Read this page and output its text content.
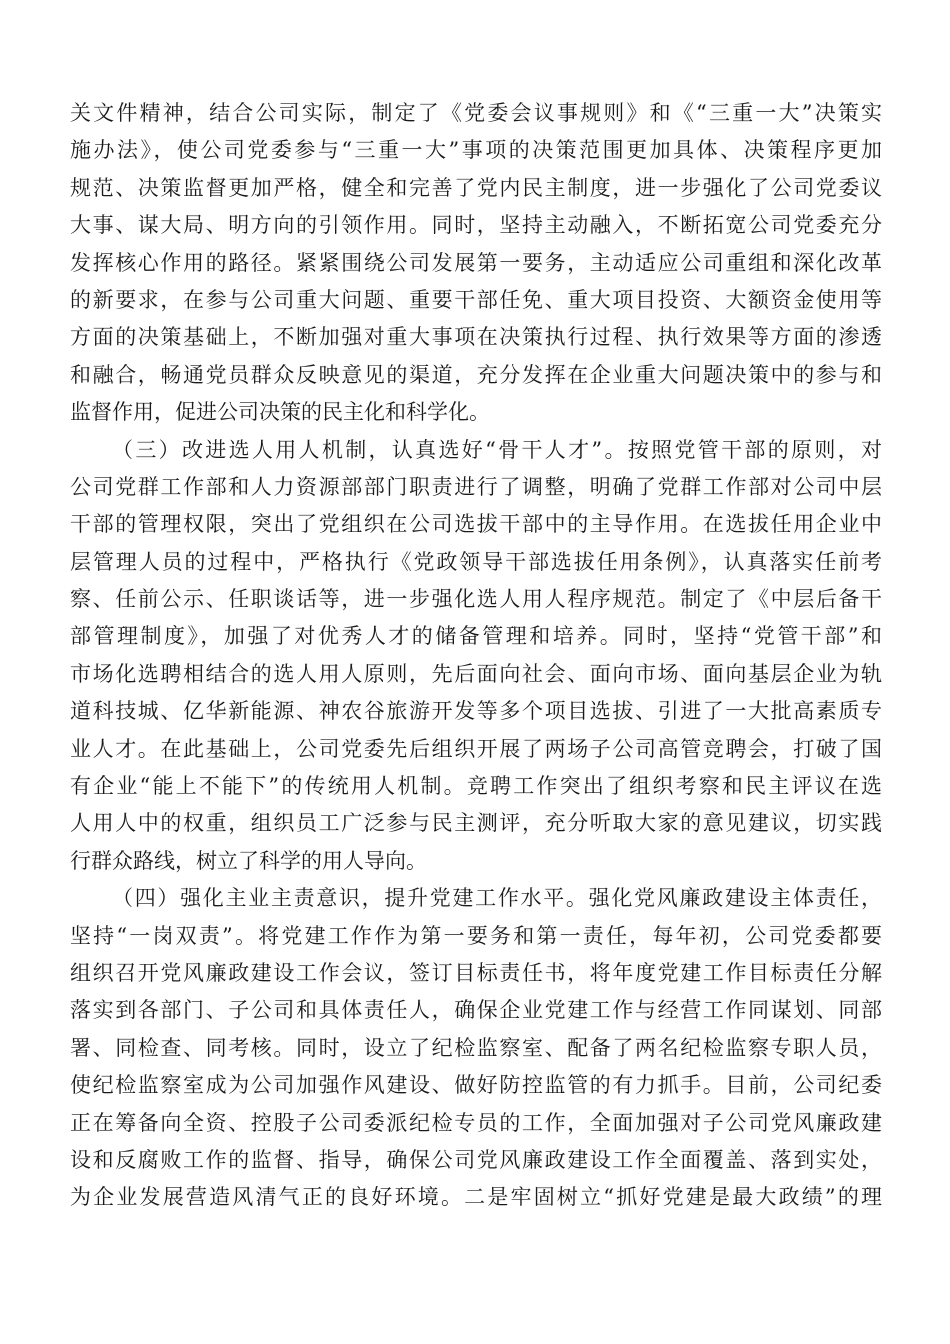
关文件精神，结合公司实际，制定了《党委会议事规则》和《“三重一大”决策实
施办法》，使公司党委参与“三重一大”事项的决策范围更加具体、决策程序更加
规范、决策监督更加严格，健全和完善了党内民主制度，进一步强化了公司党委议
大事、谋大局、明方向的引领作用。同时，坚持主动融入，不断拓宽公司党委充分
发挥核心作用的路径。紧紧围绕公司发展第一要务，主动适应公司重组和深化改革
的新要求，在参与公司重大问题、重要干部任免、重大项目投资、大额资金使用等
方面的决策基础上，不断加强对重大事项在决策执行过程、执行效果等方面的渗透
和融合，畅通党员群众反映意见的渠道，充分发挥在企业重大问题决策中的参与和
监督作用，促进公司决策的民主化和科学化。
（三）改进选人用人机制，认真选好“骨干人才”。按照党管干部的原则，对
公司党群工作部和人力资源部部门职责进行了调整，明确了党群工作部对公司中层
干部的管理权限，突出了党组织在公司选拔干部中的主导作用。在选拔任用企业中
层管理人员的过程中，严格执行《党政领导干部选拔任用条例》，认真落实任前考
察、任前公示、任职谈话等，进一步强化选人用人程序规范。制定了《中层后备干
部管理制度》，加强了对优秀人才的储备管理和培养。同时，坚持“党管干部”和
市场化选聘相结合的选人用人原则，先后面向社会、面向市场、面向基层企业为轨
道科技城、亿华新能源、神农谷旅游开发等多个项目选拔、引进了一大批高素质专
业人才。在此基础上，公司党委先后组织开展了两场子公司高管竞聘会，打破了国
有企业“能上不能下”的传统用人机制。竞聘工作突出了组织考察和民主评议在选
人用人中的权重，组织员工广泛参与民主测评，充分听取大家的意见建议，切实践
行群众路线，树立了科学的用人导向。
（四）强化主业主责意识，提升党建工作水平。强化党风廉政建设主体责任，
坚持“一岗双责”。将党建工作作为第一要务和第一责任，每年初，公司党委都要
组织召开党风廉政建设工作会议，签订目标责任书，将年度党建工作目标责任分解
落实到各部门、子公司和具体责任人，确保企业党建工作与经营工作同谋划、同部
署、同检查、同考核。同时，设立了纪检监察室、配备了两名纪检监察专职人员，
使纪检监察室成为公司加强作风建设、做好防控监管的有力抓手。目前，公司纪委
正在筹备向全资、控股子公司委派纪检专员的工作，全面加强对子公司党风廉政建
设和反腐败工作的监督、指导，确保公司党风廉政建设工作全面覆盖、落到实处，
为企业发展营造风清气正的良好环境。二是牢固树立“抓好党建是最大政绩”的理
